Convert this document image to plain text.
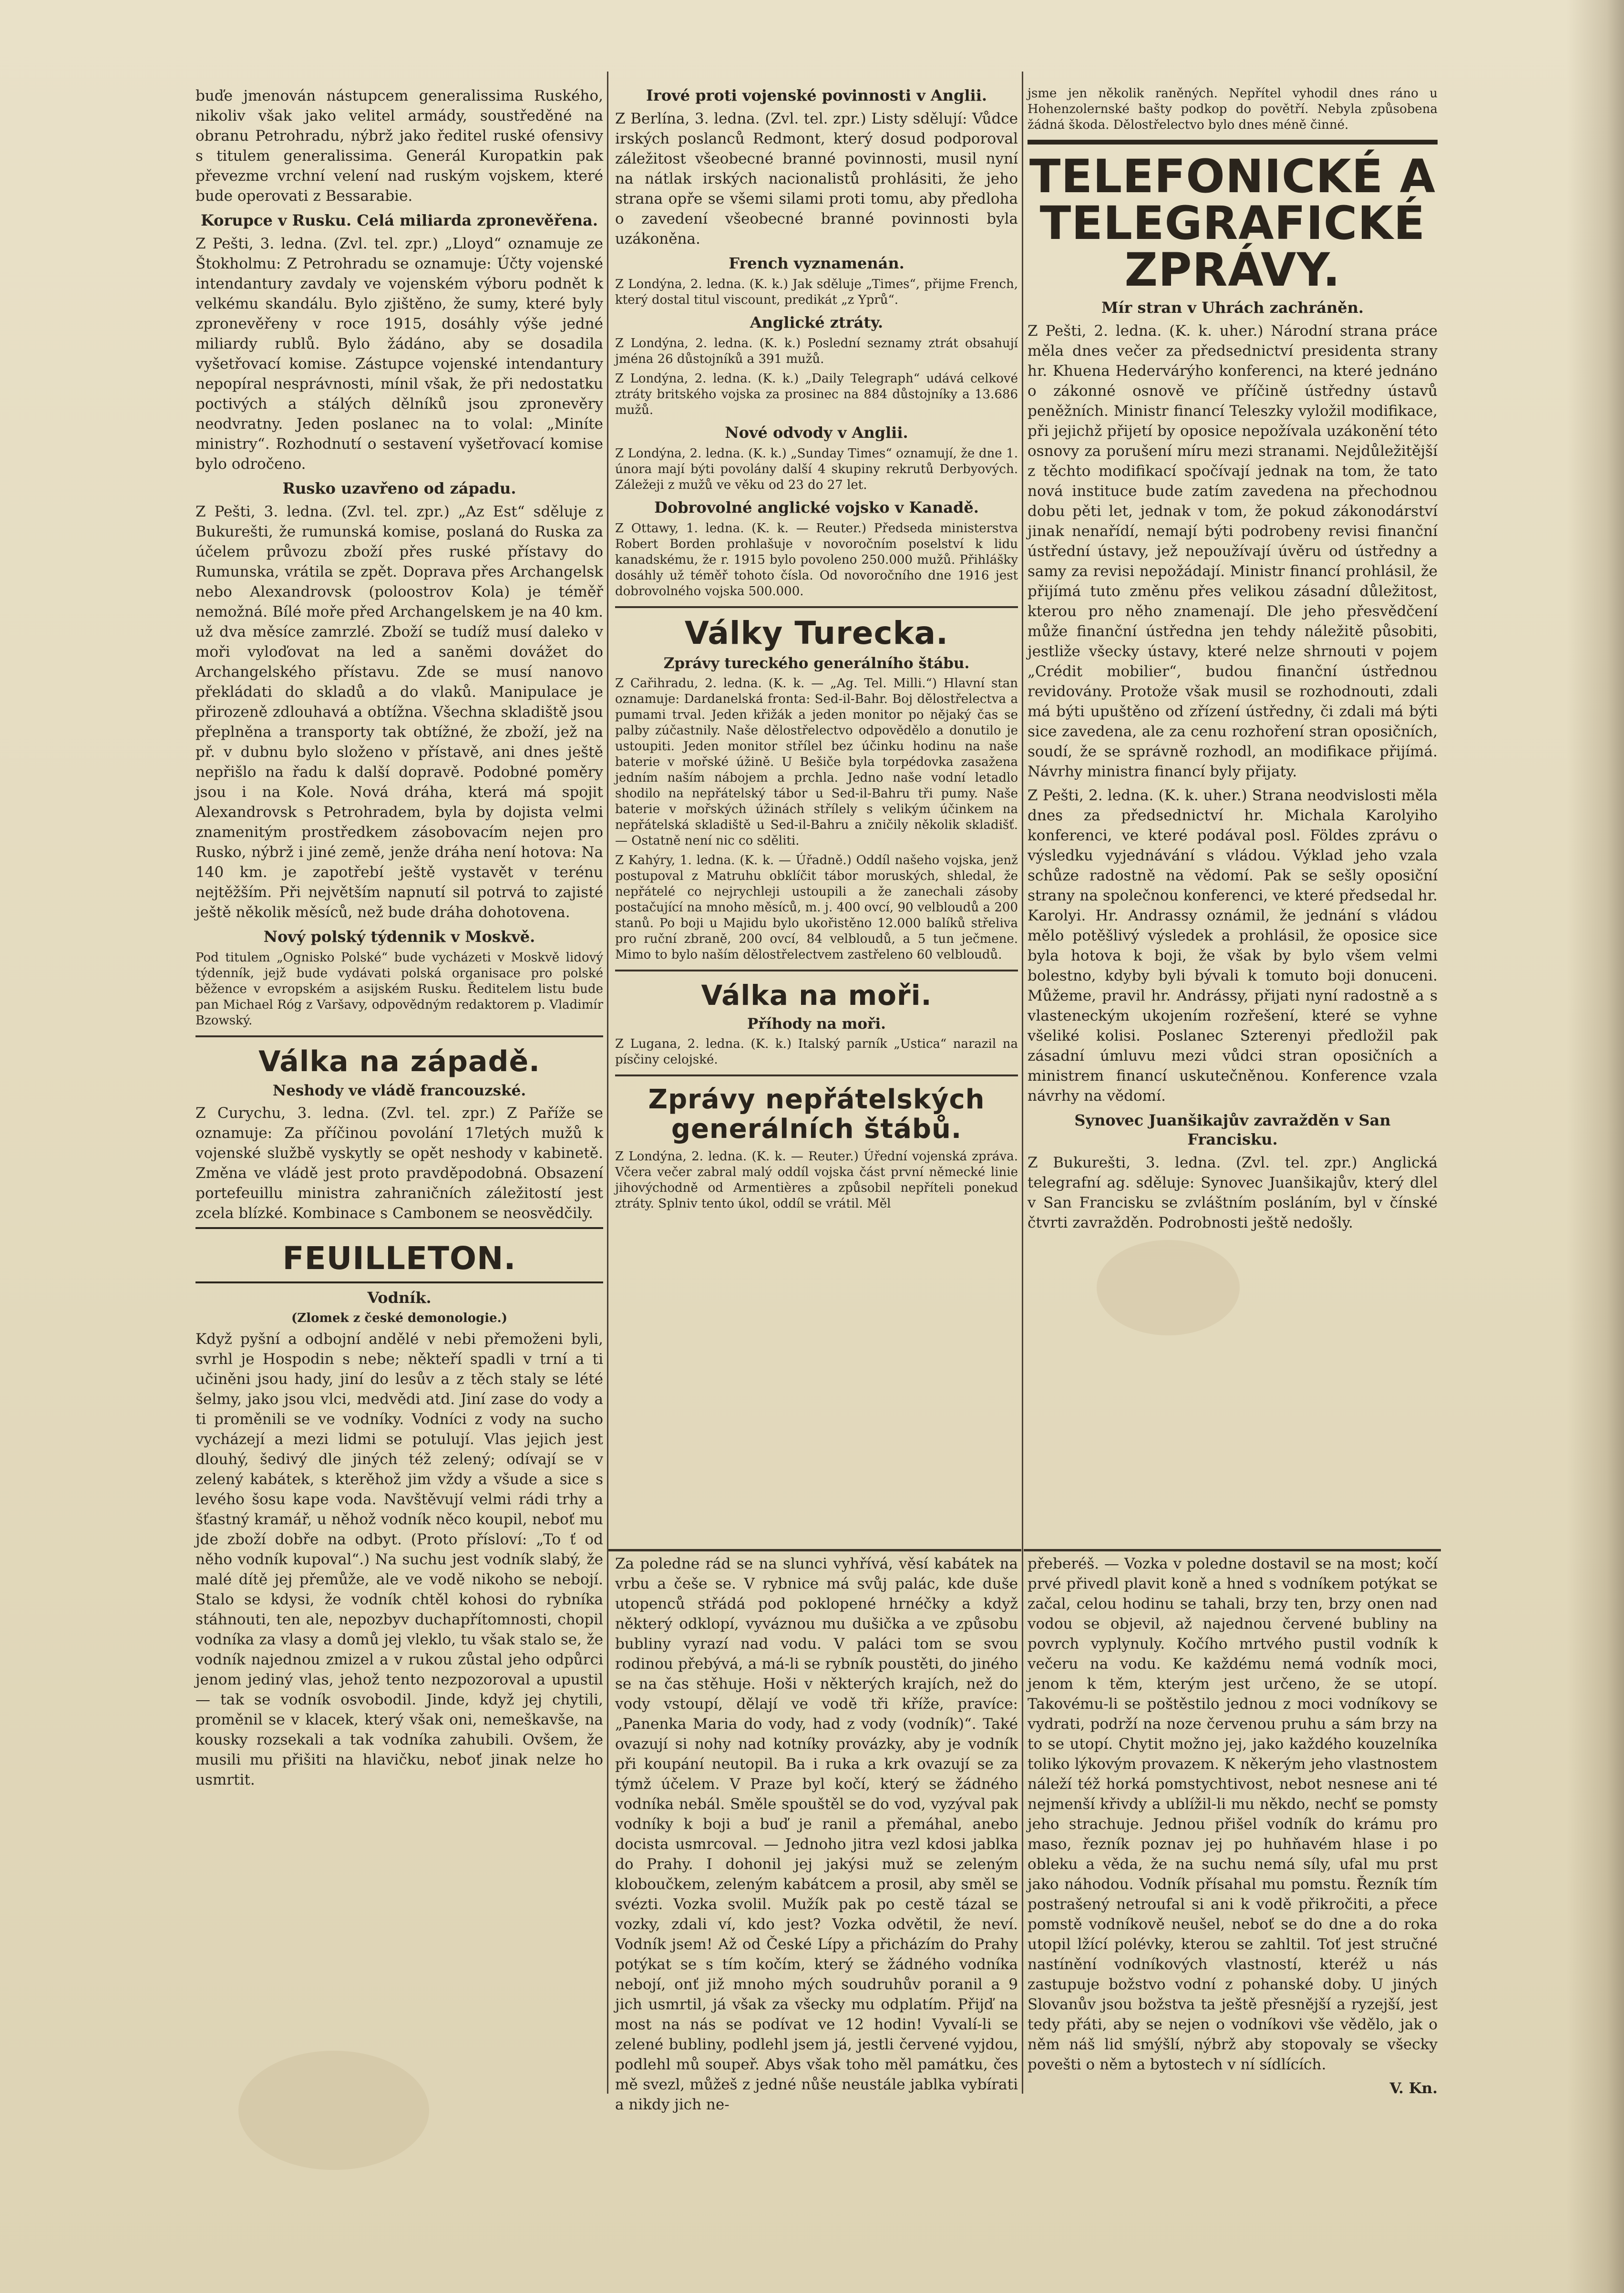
buďe jmenován nástupcem generalissima Ruského, nikoliv však jako velitel armády, soustředěné na obranu Petrohradu, nýbrž jako ředitel ruské ofensivy s titulem generalissima. Generál Kuropatkin pak převezme vrchní velení nad ruským vojskem, které bude operovati z Bessarabie.

Korupce v Rusku. Celá miliarda zpronevěřena.

Z Pešti, 3. ledna. (Zvl. tel. zpr.) „Lloyd“ oznamuje ze Štokholmu: Z Petrohradu se oznamuje: Účty vojenské intendantury zavdaly ve vojenském výboru podnět k velkému skandálu. Bylo zjištěno, že sumy, které byly zpronevěřeny v roce 1915, dosáhly výše jedné miliardy rublů. Bylo žádáno, aby se dosadila vyšetřovací komise. Zástupce vojenské intendantury nepopíral nesprávnosti, mínil však, že při nedostatku poctivých a stálých dělníků jsou zpronevěry neodvratny. Jeden poslanec na to volal: „Miníte ministry“. Rozhodnutí o sestavení vyšetřovací komise bylo odročeno.

Rusko uzavřeno od západu.

Z Pešti, 3. ledna. (Zvl. tel. zpr.) „Az Est“ sděluje z Bukurešti, že rumunská komise, poslaná do Ruska za účelem průvozu zboží přes ruské přístavy do Rumunska, vrátila se zpět. Doprava přes Archangelsk nebo Alexandrovsk (poloostrov Kola) je téměř nemožná. Bílé moře před Archangelskem je na 40 km. už dva měsíce zamrzlé. Zboží se tudíž musí daleko v moři vyloďovat na led a saněmi dovážet do Archangelského přístavu. Zde se musí nanovo překládati do skladů a do vlaků. Manipulace je přirozeně zdlouhavá a obtížna. Všechna skladiště jsou přeplněna a transporty tak obtížné, že zboží, jež na př. v dubnu bylo složeno v přístavě, ani dnes ještě nepřišlo na řadu k další dopravě. Podobné poměry jsou i na Kole. Nová dráha, která má spojit Alexandrovsk s Petrohradem, byla by dojista velmi znamenitým prostředkem zásobovacím nejen pro Rusko, nýbrž i jiné země, jenže dráha není hotova: Na 140 km. je zapotřebí ještě vystavět v terénu nejtěžším. Při největším napnutí sil potrvá to zajisté ještě několik měsíců, než bude dráha dohotovena.

Nový polský týdennik v Moskvě.

Pod titulem „Ognisko Polské“ bude vycházeti v Moskvě lidový týdenník, jejž bude vydávati polská organisace pro polské běžence v evropském a asijském Rusku. Ředitelem listu bude pan Michael Róg z Varšavy, odpovědným redaktorem p. Vladimír Bzowský.

Válka na západě.
Neshody ve vládě francouzské.

Z Curychu, 3. ledna. (Zvl. tel. zpr.) Z Paříže se oznamuje: Za příčinou povolání 17letých mužů k vojenské službě vyskytly se opět neshody v kabinetě. Změna ve vládě jest proto pravděpodobná. Obsazení portefeuillu ministra zahraničních záležitostí jest zcela blízké. Kombinace s Cambonem se neosvědčily.

FEUILLETON.
Vodník.
(Zlomek z české demonologie.)

Když pyšní a odbojní andělé v nebi přemoženi byli, svrhl je Hospodin s nebe; někteří spadli v trní a ti učiněni jsou hady, jiní do lesův a z těch staly se lété šelmy, jako jsou vlci, medvědi atd. Jiní zase do vody a ti proměnili se ve vodníky. Vodníci z vody na sucho vycházejí a mezi lidmi se potulují. Vlas jejich jest dlouhý, šedivý dle jiných též zelený; odívají se v zelený kabátek, s kterěhož jim vždy a všude a sice s levého šosu kape voda. Navštěvují velmi rádi trhy a šťastný kramář, u něhož vodník něco koupil, neboť mu jde zboží dobře na odbyt. (Proto přísloví: „To ť od něho vodník kupoval“.) Na suchu jest vodník slabý, že malé dítě jej přemůže, ale ve vodě nikoho se nebojí. Stalo se kdysi, že vodník chtěl kohosi do rybníka stáhnouti, ten ale, nepozbyv duchapřítomnosti, chopil vodníka za vlasy a domů jej vleklo, tu však stalo se, že vodník najednou zmizel a v rukou zůstal jeho odpůrci jenom jediný vlas, jehož tento nezpozoroval a upustil — tak se vodník osvobodil. Jinde, když jej chytili, proměnil se v klacek, který však oni, nemeškavše, na kousky rozsekali a tak vodníka zahubili. Ovšem, že musili mu přišiti na hlavičku, neboť jinak nelze ho usmrtit.

Irové proti vojenské povinnosti v Anglii.

Z Berlína, 3. ledna. (Zvl. tel. zpr.) Listy sdělují: Vůdce irských poslanců Redmont, který dosud podporoval záležitost všeobecné branné povinnosti, musil nyní na nátlak irských nacionalistů prohlásiti, že jeho strana opře se všemi silami proti tomu, aby předloha o zavedení všeobecné branné povinnosti byla uzákoněna.

French vyznamenán.

Z Londýna, 2. ledna. (K. k.) Jak sděluje „Times“, přijme French, který dostal titul viscount, predikát „z Yprů“.

Anglické ztráty.

Z Londýna, 2. ledna. (K. k.) Poslední seznamy ztrát obsahují jména 26 důstojníků a 391 mužů.

Z Londýna, 2. ledna. (K. k.) „Daily Telegraph“ udává celkové ztráty britského vojska za prosinec na 884 důstojníky a 13.686 mužů.

Nové odvody v Anglii.

Z Londýna, 2. ledna. (K. k.) „Sunday Times“ oznamují, že dne 1. února mají býti povolány další 4 skupiny rekrutů Derbyových. Záležeji z mužů ve věku od 23 do 27 let.

Dobrovolné anglické vojsko v Kanadě.

Z Ottawy, 1. ledna. (K. k. — Reuter.) Předseda ministerstva Robert Borden prohlašuje v novoročním poselství k lidu kanadskému, že r. 1915 bylo povoleno 250.000 mužů. Přihlášky dosáhly už téměř tohoto čísla. Od novoročního dne 1916 jest dobrovolného vojska 500.000.

Války Turecka.
Zprávy tureckého generálního štábu.

Z Cařihradu, 2. ledna. (K. k. — „Ag. Tel. Milli.“) Hlavní stan oznamuje: Dardanelská fronta: Sed-il-Bahr. Boj dělostřelectva a pumami trval. Jeden křižák a jeden monitor po nějaký čas se palby zúčastnily. Naše dělostřelectvo odpovědělo a donutilo je ustoupiti. Jeden monitor střílel bez účinku hodinu na naše baterie v mořské úžině. U Bešiče byla torpédovka zasažena jedním naším nábojem a prchla. Jedno naše vodní letadlo shodilo na nepřátelský tábor u Sed-il-Bahru tři pumy. Naše baterie v mořských úžinách střílely s velikým účinkem na nepřátelská skladiště u Sed-il-Bahru a zničily několik skladišť. — Ostatně není nic co sděliti.

Z Kahýry, 1. ledna. (K. k. — Úřadně.) Oddíl našeho vojska, jenž postupoval z Matruhu obklíčit tábor moruských, shledal, že nepřátelé co nejrychleji ustoupili a že zanechali zásoby postačující na mnoho měsíců, m. j. 400 ovcí, 90 velbloudů a 200 stanů. Po boji u Majidu bylo ukořistěno 12.000 balíků střeliva pro ruční zbraně, 200 ovcí, 84 velbloudů, a 5 tun ječmene. Mimo to bylo naším dělostřelectvem zastřeleno 60 velbloudů.

Válka na moři.
Příhody na moři.

Z Lugana, 2. ledna. (K. k.) Italský parník „Ustica“ narazil na písčiny celojské.

Zprávy nepřátelských generálních štábů.

Z Londýna, 2. ledna. (K. k. — Reuter.) Úřední vojenská zpráva. Včera večer zabral malý oddíl vojska část první německé linie jihovýchodně od Armentières a způsobil nepříteli ponekud ztráty. Splniv tento úkol, oddíl se vrátil. Měl

Za poledne rád se na slunci vyhřívá, věsí kabátek na vrbu a češe se. V rybnice má svůj palác, kde duše utopenců střádá pod poklopené hrnéčky a když některý odklopí, vyváznou mu dušička a ve způsobu bubliny vyrazí nad vodu. V paláci tom se svou rodinou přebývá, a má-li se rybník poustěti, do jiného se na čas stěhuje. Hoši v některých krajích, než do vody vstoupí, dělají ve vodě tři kříže, pravíce: „Panenka Maria do vody, had z vody (vodník)“. Také ovazují si nohy nad kotníky provázky, aby je vodník při koupání neutopil. Ba i ruka a krk ovazují se za týmž účelem. V Praze byl kočí, který se žádného vodníka nebál. Směle spouštěl se do vod, vyzýval pak vodníky k boji a buď je ranil a přemáhal, anebo docista usmrcoval. — Jednoho jitra vezl kdosi jablka do Prahy. I dohonil jej jakýsi muž se zeleným kloboučkem, zeleným kabátcem a prosil, aby směl se svézti. Vozka svolil. Mužík pak po cestě tázal se vozky, zdali ví, kdo jest? Vozka odvětil, že neví. Vodník jsem! Až od České Lípy a přicházím do Prahy potýkat se s tím kočím, který se žádného vodníka nebojí, onť již mnoho mých soudruhův poranil a 9 jich usmrtil, já však za všecky mu odplatím. Přijď na most na nás se podívat ve 12 hodin! Vyvalí-li se zelené bubliny, podlehl jsem já, jestli červené vyjdou, podlehl mů soupeř. Abys však toho měl památku, čes mě svezl, můžeš z jedné nůše neustále jablka vybírati a nikdy jich ne-

jsme jen několik raněných. Nepřítel vyhodil dnes ráno u Hohenzolernské bašty podkop do povětří. Nebyla způsobena žádná škoda. Dělostřelectvo bylo dnes méně činné.

TELEFONICKÉ A TELEGRAFICKÉ ZPRÁVY.
Mír stran v Uhrách zachráněn.

Z Pešti, 2. ledna. (K. k. uher.) Národní strana práce měla dnes večer za předsednictví presidenta strany hr. Khuena Hedervárýho konferenci, na které jednáno o zákonné osnově ve příčině ústředny ústavů peněžních. Ministr financí Teleszky vyložil modifikace, při jejichž přijetí by oposice nepožívala uzákonění této osnovy za porušení míru mezi stranami. Nejdůležitější z těchto modifikací spočívají jednak na tom, že tato nová instituce bude zatím zavedena na přechodnou dobu pěti let, jednak v tom, že pokud zákonodárství jinak nenařídí, nemají býti podrobeny revisi finanční ústřední ústavy, jež nepoužívají úvěru od ústředny a samy za revisi nepožádají. Ministr financí prohlásil, že přijímá tuto změnu přes velikou zásadní důležitost, kterou pro něho znamenají. Dle jeho přesvědčení může finanční ústředna jen tehdy náležitě působiti, jestliže všecky ústavy, které nelze shrnouti v pojem „Crédit mobilier“, budou finanční ústřednou revidovány. Protože však musil se rozhodnouti, zdali má býti upuštěno od zřízení ústředny, či zdali má býti sice zavedena, ale za cenu rozhoření stran oposičních, soudí, že se správně rozhodl, an modifikace přijímá. Návrhy ministra financí byly přijaty.

Z Pešti, 2. ledna. (K. k. uher.) Strana neodvislosti měla dnes za předsednictví hr. Michala Karolyiho konferenci, ve které podával posl. Földes zprávu o výsledku vyjednávání s vládou. Výklad jeho vzala schůze radostně na vědomí. Pak se sešly oposiční strany na společnou konferenci, ve které předsedal hr. Karolyi. Hr. Andrassy oznámil, že jednání s vládou mělo potěšlivý výsledek a prohlásil, že oposice sice byla hotova k boji, že však by bylo všem velmi bolestno, kdyby byli bývali k tomuto boji donuceni. Můžeme, pravil hr. Andrássy, přijati nyní radostně a s vlasteneckým ukojením rozřešení, které se vyhne všeliké kolisi. Poslanec Szterenyi předložil pak zásadní úmluvu mezi vůdci stran oposičních a ministrem financí uskutečněnou. Konference vzala návrhy na vědomí.

Synovec Juanšikajův zavražděn v San Francisku.

Z Bukurešti, 3. ledna. (Zvl. tel. zpr.) Anglická telegrafní ag. sděluje: Synovec Juanšikajův, který dlel v San Francisku se zvláštním posláním, byl v čínské čtvrti zavražděn. Podrobnosti ještě nedošly.

přeberéš. — Vozka v poledne dostavil se na most; kočí prvé přivedl plavit koně a hned s vodníkem potýkat se začal, celou hodinu se tahali, brzy ten, brzy onen nad vodou se objevil, až najednou červené bubliny na povrch vyplynuly. Kočího mrtvého pustil vodník k večeru na vodu. Ke každému nemá vodník moci, jenom k těm, kterým jest určeno, že se utopí. Takovému-li se poštěstilo jednou z moci vodníkovy se vydrati, podrží na noze červenou pruhu a sám brzy na to se utopí. Chytit možno jej, jako každého kouzelníka toliko lýkovým provazem. K někerým jeho vlastnostem náleží též horká pomstychtivost, nebot nesnese ani té nejmenší křivdy a ublížil-li mu někdo, nechť se pomsty jeho strachuje. Jednou přišel vodník do krámu pro maso, řezník poznav jej po huhňavém hlase i po obleku a věda, že na suchu nemá síly, ufal mu prst jako náhodou. Vodník přísahal mu pomstu. Řezník tím postrašený netroufal si ani k vodě přikročiti, a přece pomstě vodníkově neušel, neboť se do dne a do roka utopil lžící polévky, kterou se zahltil. Toť jest stručné nastínění vodníkových vlastností, kteréž u nás zastupuje božstvo vodní z pohanské doby. U jiných Slovanův jsou božstva ta ještě přesnější a ryzejší, jest tedy přáti, aby se nejen o vodníkovi vše vědělo, jak o něm náš lid smýšlí, nýbrž aby stopovaly se všecky povešti o něm a bytostech v ní sídlících.

V. Kn.
